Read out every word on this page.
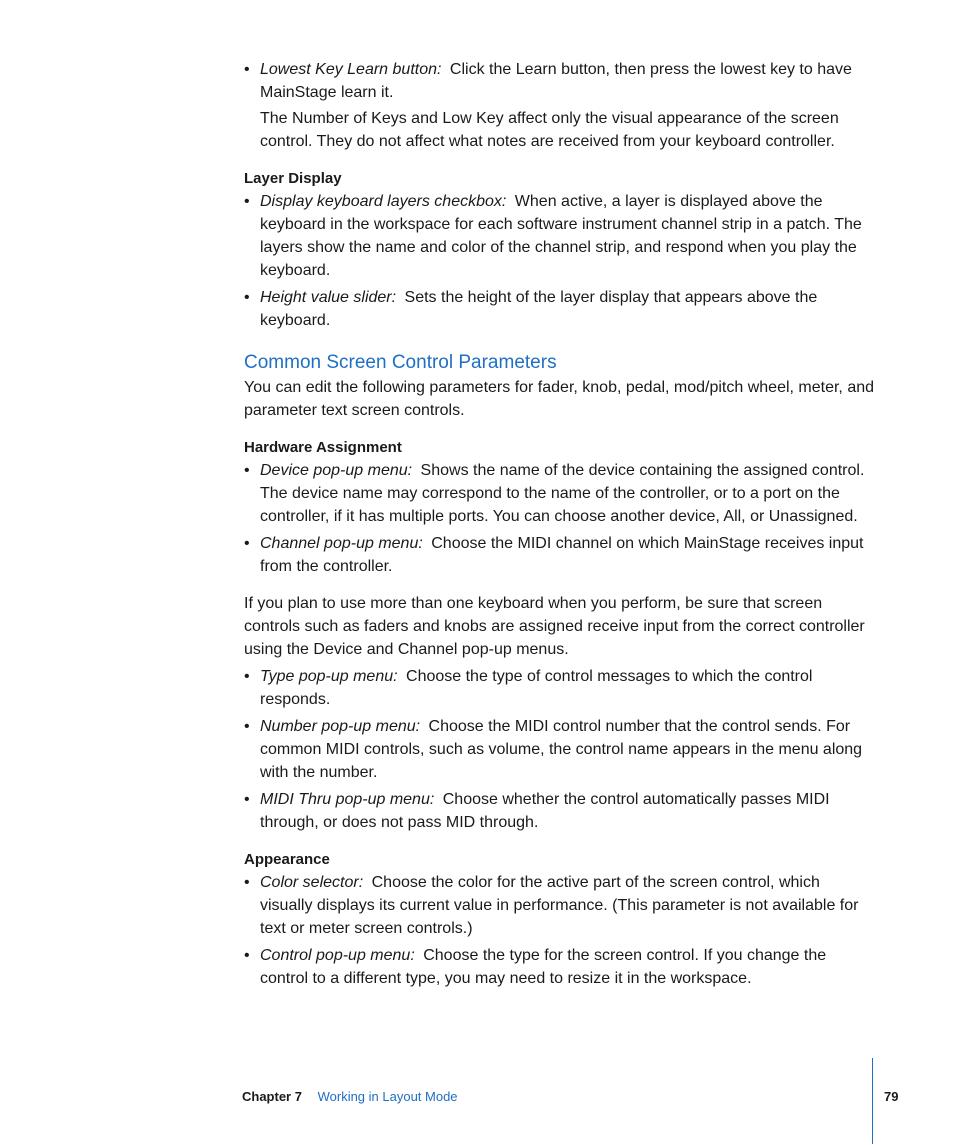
• Lowest Key Learn button: Click the Learn button, then press the lowest key to have MainStage learn it.

The Number of Keys and Low Key affect only the visual appearance of the screen control. They do not affect what notes are received from your keyboard controller.

Layer Display
• Display keyboard layers checkbox: When active, a layer is displayed above the keyboard in the workspace for each software instrument channel strip in a patch. The layers show the name and color of the channel strip, and respond when you play the keyboard.
• Height value slider: Sets the height of the layer display that appears above the keyboard.
Common Screen Control Parameters

You can edit the following parameters for fader, knob, pedal, mod/pitch wheel, meter, and parameter text screen controls.

Hardware Assignment
• Device pop-up menu: Shows the name of the device containing the assigned control. The device name may correspond to the name of the controller, or to a port on the controller, if it has multiple ports. You can choose another device, All, or Unassigned.
• Channel pop-up menu: Choose the MIDI channel on which MainStage receives input from the controller.

If you plan to use more than one keyboard when you perform, be sure that screen controls such as faders and knobs are assigned receive input from the correct controller using the Device and Channel pop-up menus.

• Type pop-up menu: Choose the type of control messages to which the control responds.
• Number pop-up menu: Choose the MIDI control number that the control sends. For common MIDI controls, such as volume, the control name appears in the menu along with the number.
• MIDI Thru pop-up menu: Choose whether the control automatically passes MIDI through, or does not pass MID through.
Appearance
• Color selector: Choose the color for the active part of the screen control, which visually displays its current value in performance. (This parameter is not available for text or meter screen controls.)
• Control pop-up menu: Choose the type for the screen control. If you change the control to a different type, you may need to resize it in the workspace.
Chapter 7 Working in Layout Mode	79
